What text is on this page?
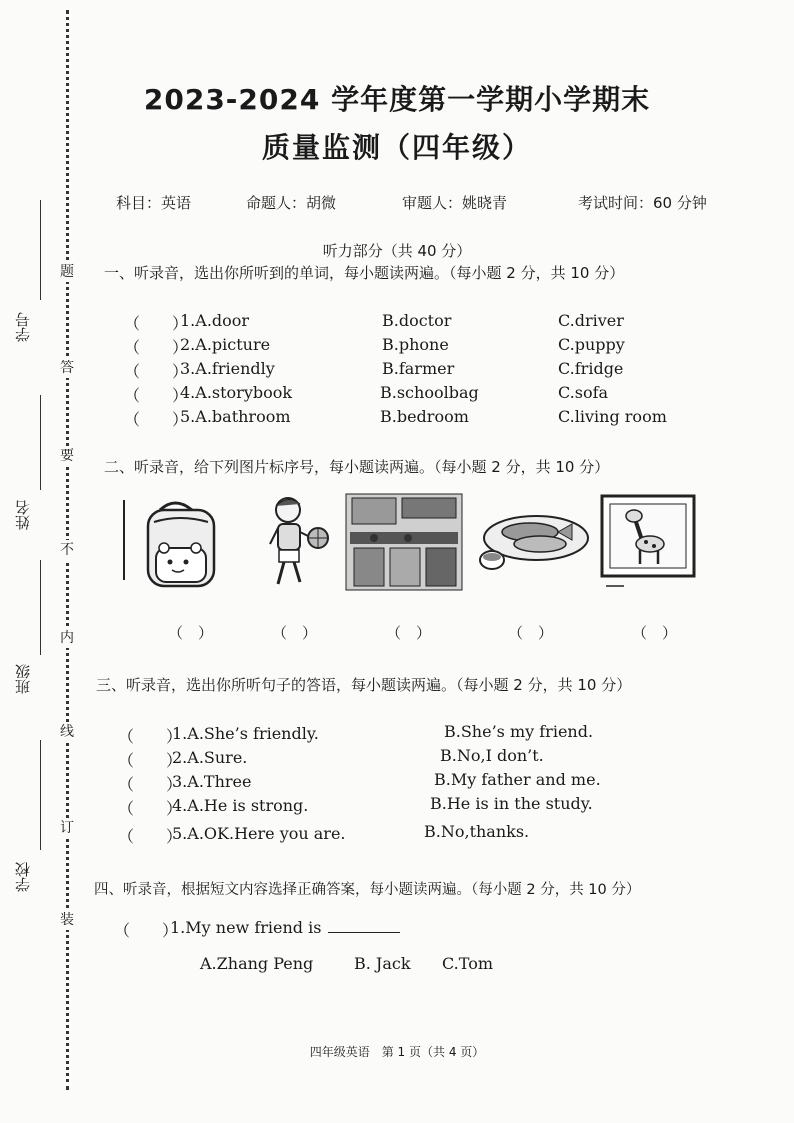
题
答
要
不
内
线
订
装
学号
姓名
班级
学校
2023-2024 学年度第一学期小学期末
质量监测（四年级）
科目：英语	命题人：胡微	审题人：姚晓青	考试时间：60 分钟
听力部分（共 40 分）
一、听录音，选出你所听到的单词，每小题读两遍。（每小题 2 分，共 10 分）
（　　）
1.A.door	B.doctor	C.driver
（　　）
2.A.picture	B.phone	C.puppy
（　　）
3.A.friendly	B.farmer	C.fridge
（　　）
4.A.storybook	B.schoolbag	C.sofa
（　　）
5.A.bathroom	B.bedroom	C.living room
二、听录音，给下列图片标序号，每小题读两遍。（每小题 2 分，共 10 分）
（　）	（　）	（　）	（　）	（　）
三、听录音，选出你所听句子的答语，每小题读两遍。（每小题 2 分，共 10 分）
（　　）
1.A.She’s friendly.	B.She’s my friend.
（　　）
2.A.Sure.	B.No,I don’t.
（　　）
3.A.Three	B.My father and me.
（　　）
4.A.He is strong.	B.He is in the study.
（　　）
5.A.OK.Here you are.	B.No,thanks.
四、听录音，根据短文内容选择正确答案，每小题读两遍。（每小题 2 分，共 10 分）
（　　）
1.My new friend is
A.Zhang Peng	B. Jack C.Tom
四年级英语　第 1 页（共 4 页）
